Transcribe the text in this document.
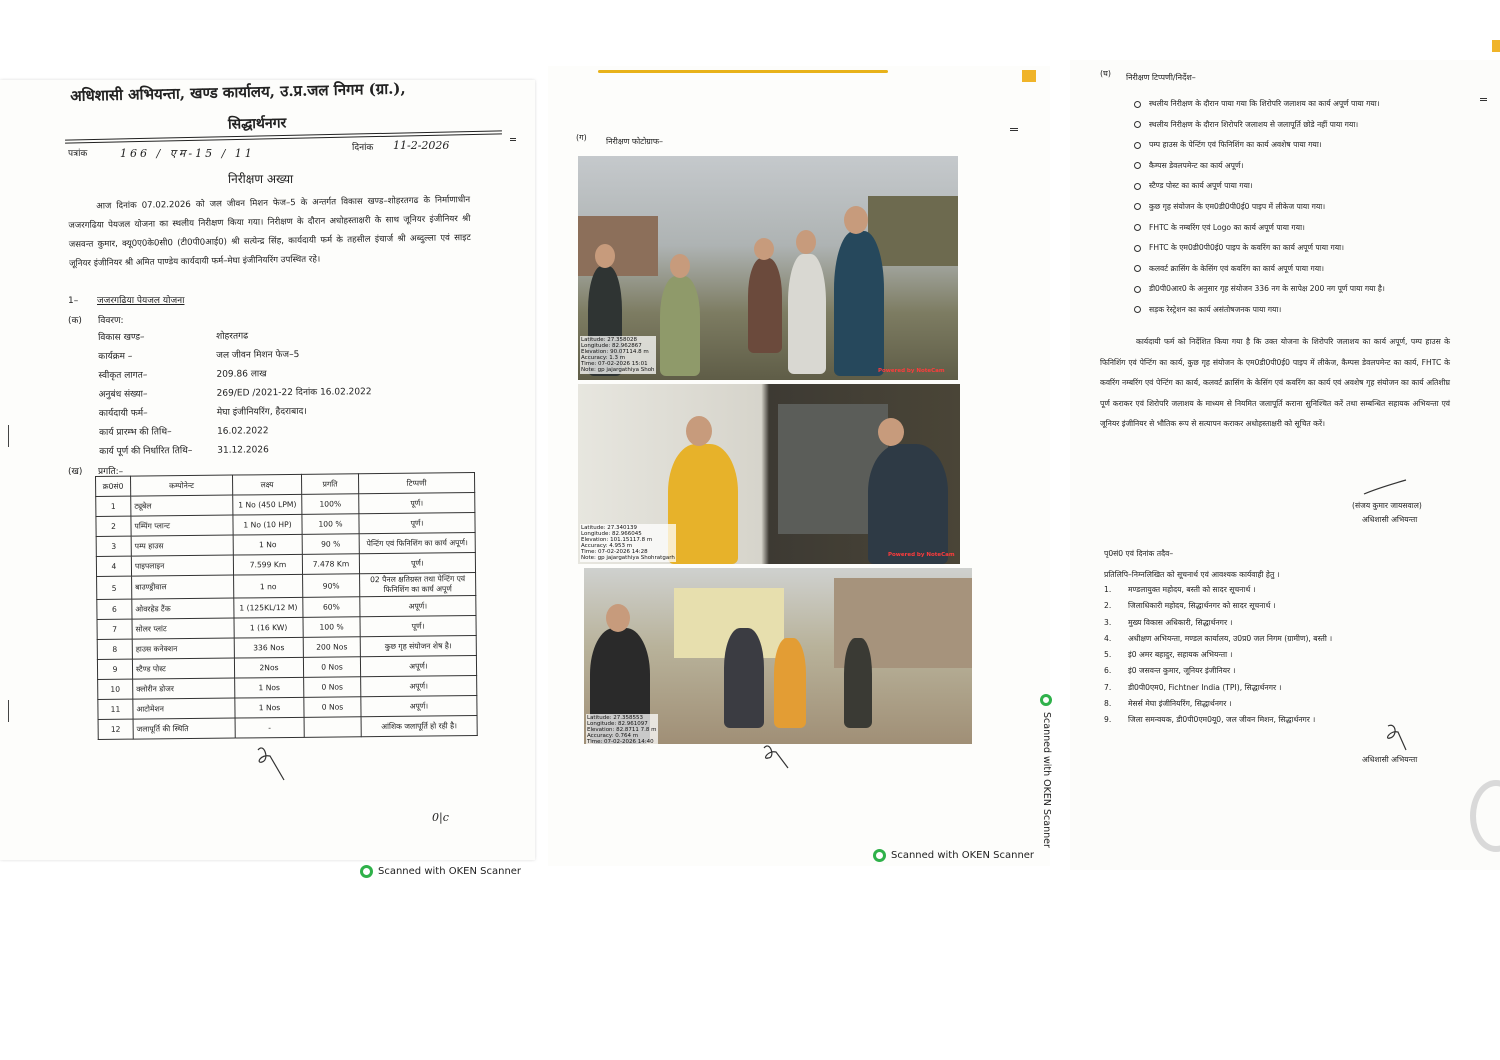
अधिशासी अभियन्ता, खण्ड कार्यालय, उ.प्र.जल निगम (ग्रा.),
सिद्धार्थनगर
पत्रांक	166 / एम-15 / 11	दिनांक 11-2-2026
निरीक्षण अख्या
आज दिनांक 07.02.2026 को जल जीवन मिशन फेज–5 के अन्तर्गत विकास खण्ड–शोहरतगढ के निर्माणाधीन जजरगढिया पेयजल योजना का स्थलीय निरीक्षण किया गया। निरीक्षण के दौरान अधोहस्ताक्षरी के साथ जूनियर इंजीनियर श्री जसवन्त कुमार, क्यू0ए0के0सी0 (टी0पी0आई0) श्री सत्येन्द्र सिंह, कार्यदायी फर्म के तहसील इंचार्ज श्री अब्दुल्ला एवं साइट जूनियर इंजीनियर श्री अमित पाण्डेय कार्यदायी फर्म–मेघा इंजीनियरिंग उपस्थित रहे।
1– जजरगढिया पेयजल योजना
(क) विवरण:
विकास खण्ड–	शोहरतगढ
कार्यक्रम –	जल जीवन मिशन फेज–5
स्वीकृत लागत–	209.86 लाख
अनुबंध संख्या–	269/ED /2021-22 दिनांक 16.02.2022
कार्यदायी फर्म–	मेघा इंजीनियरिंग, हैदराबाद।
कार्य प्रारम्भ की तिथि–	16.02.2022
कार्य पूर्ण की निर्धारित तिथि–	31.12.2026
(ख) प्रगति:–
क्र0सं0	कम्पोनेन्ट	लक्ष्य	प्रगति	टिप्पणी
1	ट्यूबेल	1 No (450 LPM)	100%	पूर्ण।
2	पम्पिंग प्लान्ट	1 No (10 HP)	100 %	पूर्ण।
3	पम्प हाउस	1 No	90 %	पेन्टिंग एवं फिनिशिंग का कार्य अपूर्ण।
4	पाइपलाइन	7.599 Km	7.478 Km	पूर्ण।
5	बाउण्ड्रीवाल	1 no	90%	02 पैनल क्षतिग्रस्त तथा पेन्टिंग एवं फिनिशिंग का कार्य अपूर्ण
6	ओवरहेड टैंक	1 (125KL/12 M)	60%	अपूर्ण।
7	सोलर प्लांट	1 (16 KW)	100 %	पूर्ण।
8	हाउस कनेक्शन	336 Nos	200 Nos	कुछ गृह संयोजन शेष है।
9	स्टैण्ड पोस्ट	2Nos	0 Nos	अपूर्ण।
10	क्लोरीन डोजर	1 Nos	0 Nos	अपूर्ण।
11	आटोमेशन	1 Nos	0 Nos	अपूर्ण।
12	जलापूर्ति की स्थिति	-		आंशिक जलापूर्ति हो रही है।
0|c
Scanned with OKEN Scanner
(ग) निरीक्षण फोटोग्राफ–
Latitude: 27.358028
Longitude: 82.962867
Elevation: 90.07114.8 m
Accuracy: 1.3 m
Time: 07-02-2026 15:01
Note: gp jajargathiya Shoh	Powered by NoteCam
Latitude: 27.340139
Longitude: 82.966045
Elevation: 101.15117.8 m
Accuracy: 4.953 m
Time: 07-02-2026 14:28
Note: gp jajargathiya Shohratgarh	Powered by NoteCam
Latitude: 27.358553
Longitude: 82.961097
Elevation: 82.8711 7.8 m
Accuracy: 0.764 m
Time: 07-02-2026 14:40
Scanned with OKEN Scanner
Scanned with OKEN Scanner
(घ) निरीक्षण टिप्पणी/निर्देश–
स्थलीय निरीक्षण के दौरान पाया गया कि शिरोपरि जलाशय का कार्य अपूर्ण पाया गया।
स्थलीय निरीक्षण के दौरान शिरोपरि जलाशय से जलापूर्ति छोडे नहीं पाया गया।
पम्प हाउस के पेन्टिंग एवं फिनिशिंग का कार्य अवशेष पाया गया।
कैम्पस डेवलपमेन्ट का कार्य अपूर्ण।
स्टैण्ड पोस्ट का कार्य अपूर्ण पाया गया।
कुछ गृह संयोजन के एम0डी0पी0ई0 पाइप में लीकेज पाया गया।
FHTC के नम्बरिंग एवं Logo का कार्य अपूर्ण पाया गया।
FHTC के एम0डी0पी0ई0 पाइप के कवरिंग का कार्य अपूर्ण पाया गया।
कलवर्ट क्रासिंग के केसिंग एवं कवरिंग का कार्य अपूर्ण पाया गया।
डी0पी0आर0 के अनुसार गृह संयोजन 336 नग के सापेक्ष 200 नग पूर्ण पाया गया है।
सड़क रेस्ट्रेशन का कार्य असंतोषजनक पाया गया।
कार्यदायी फर्म को निर्देशित किया गया है कि उक्त योजना के शिरोपरि जलाशय का कार्य अपूर्ण, पम्प हाउस के फिनिशिंग एवं पेन्टिंग का कार्य, कुछ गृह संयोजन के एम0डी0पी0ई0 पाइप में लीकेज, कैम्पस डेवलपमेन्ट का कार्य, FHTC के कवरिंग नम्बरिंग एवं पेन्टिंग का कार्य, कलवर्ट क्रासिंग के केसिंग एवं कवरिंग का कार्य एवं अवशेष गृह संयोजन का कार्य अतिशीघ्र पूर्ण कराकर एवं शिरोपरि जलाशय के माध्यम से नियमित जलापूर्ति कराना सुनिश्चित करें तथा सम्बन्धित सहायक अभियन्ता एवं जूनियर इंजीनियर से भौतिक रूप से सत्यापन कराकर अधोहस्ताक्षरी को सूचित करें।
(संजय कुमार जायसवाल)
अधिशासी अभियन्ता
पृ0सं0 एवं दिनांक तदैव–
प्रतिलिपि–निम्नलिखित को सूचनार्थ एवं आवश्यक कार्यवाही हेतु ।
1. मण्डलायुक्त महोदय, बस्ती को सादर सूचनार्थ ।
2. जिलाधिकारी महोदय, सिद्धार्थनगर को सादर सूचनार्थ ।
3. मुख्य विकास अधिकारी, सिद्धार्थनगर ।
4. अधीक्षण अभियन्ता, मण्डल कार्यालय, उ0प्र0 जल निगम (ग्रामीण), बस्ती ।
5. इं0 अमर बहादुर, सहायक अभियन्ता ।
6. इं0 जसवन्त कुमार, जूनियर इंजीनियर ।
7. डी0पी0एम0, Fichtner India (TPI), सिद्धार्थनगर ।
8. मेसर्स मेघा इंजीनियरिंग, सिद्धार्थनगर ।
9. जिला समन्वयक, डी0पी0एम0यू0, जल जीवन मिशन, सिद्धार्थनगर ।
अधिशासी अभियन्ता
